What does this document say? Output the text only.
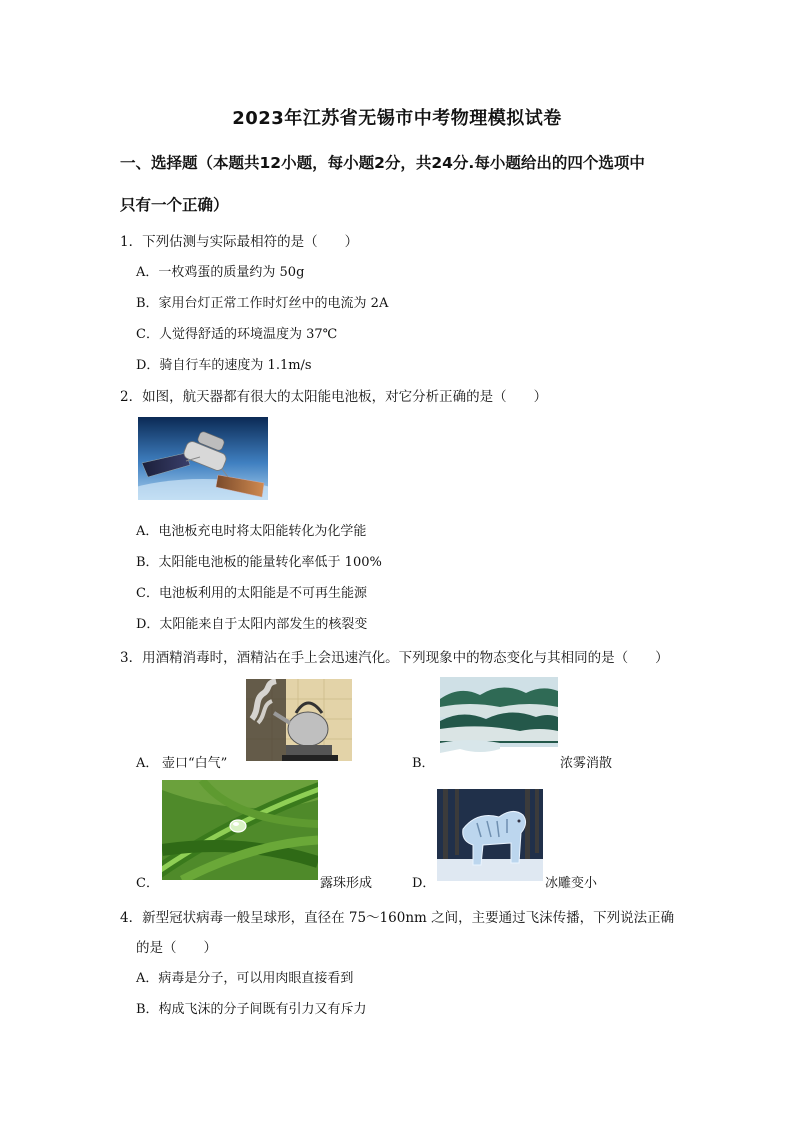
2023年江苏省无锡市中考物理模拟试卷
一、选择题（本题共12小题，每小题2分，共24分.每小题给出的四个选项中
只有一个正确）
1．下列估测与实际最相符的是（　　）
A．一枚鸡蛋的质量约为 50g
B．家用台灯正常工作时灯丝中的电流为 2A
C．人觉得舒适的环境温度为 37℃
D．骑自行车的速度为 1.1m/s
2．如图，航天器都有很大的太阳能电池板，对它分析正确的是（　　）
A．电池板充电时将太阳能转化为化学能
B．太阳能电池板的能量转化率低于 100%
C．电池板利用的太阳能是不可再生能源
D．太阳能来自于太阳内部发生的核裂变
3．用酒精消毒时，酒精沾在手上会迅速汽化。下列现象中的物态变化与其相同的是（　　）
A． 壶口“白气”	B．	浓雾消散
C．	露珠形成	D．	冰雕变小
4．新型冠状病毒一般呈球形，直径在 75～160nm 之间，主要通过飞沫传播，下列说法正确
的是（　　）
A．病毒是分子，可以用肉眼直接看到
B．构成飞沫的分子间既有引力又有斥力
